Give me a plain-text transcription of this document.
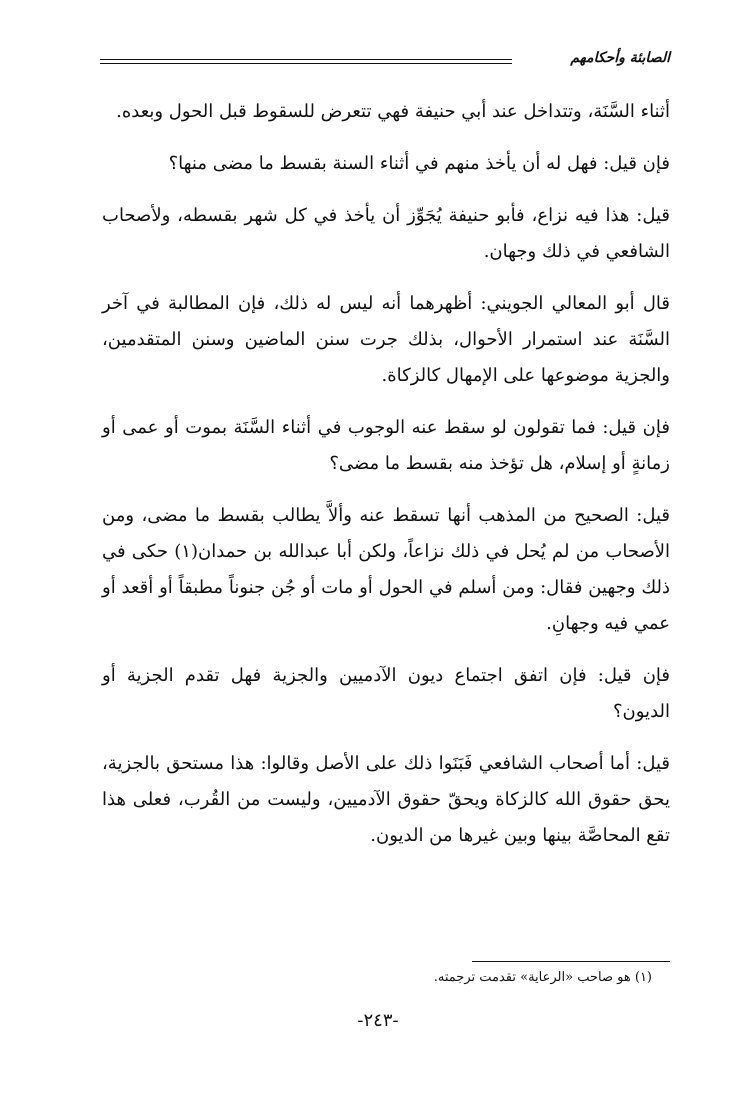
الصابئة وأحكامهم

أثناء السَّنَة، وتتداخل عند أبي حنيفة فهي تتعرض للسقوط قبل الحول وبعده.

فإن قيل: فهل له أن يأخذ منهم في أثناء السنة بقسط ما مضى منها؟

قيل: هذا فيه نزاع، فأبو حنيفة يُجَوِّز أن يأخذ في كل شهر بقسطه، ولأصحاب الشافعي في ذلك وجهان.

قال أبو المعالي الجويني: أظهرهما أنه ليس له ذلك، فإن المطالبة في آخر السَّنَة عند استمرار الأحوال، بذلك جرت سنن الماضين وسنن المتقدمين، والجزية موضوعها على الإمهال كالزكاة.

فإن قيل: فما تقولون لو سقط عنه الوجوب في أثناء السَّنَة بموت أو عمى أو زمانةٍ أو إسلام، هل تؤخذ منه بقسط ما مضى؟

قيل: الصحيح من المذهب أنها تسقط عنه وألاَّ يطالب بقسط ما مضى، ومن الأصحاب من لم يُحل في ذلك نزاعاً، ولكن أبا عبدالله بن حمدان(١) حكى في ذلك وجهين فقال: ومن أسلم في الحول أو مات أو جُن جنوناً مطبقاً أو أقعد أو عمي فيه وجهانِ.

فإن قيل: فإن اتفق اجتماع ديون الآدميين والجزية فهل تقدم الجزية أو الديون؟

قيل: أما أصحاب الشافعي فَبَنَوا ذلك على الأصل وقالوا: هذا مستحق بالجزية، يحق حقوق الله كالزكاة ويحقّ حقوق الآدميين، وليست من القُرب، فعلى هذا تقع المحاصَّة بينها وبين غيرها من الديون.

(١) هو صاحب «الرعاية» تقدمت ترجمته.
-٢٤٣-
